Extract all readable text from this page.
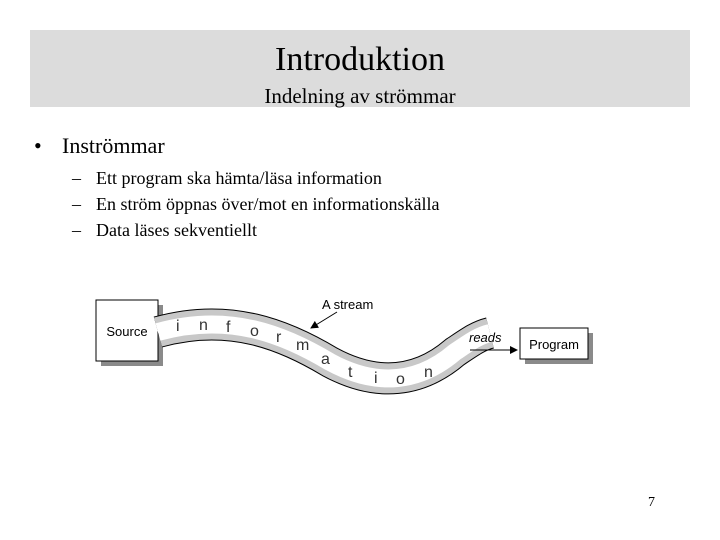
Introduktion
Indelning av strömmar
• Inströmmar
– Ett program ska hämta/läsa information
– En ström öppnas över/mot en informationskälla
– Data läses sekventiellt
Source i n f o r m
a
t i o n
A stream
reads Program
7
